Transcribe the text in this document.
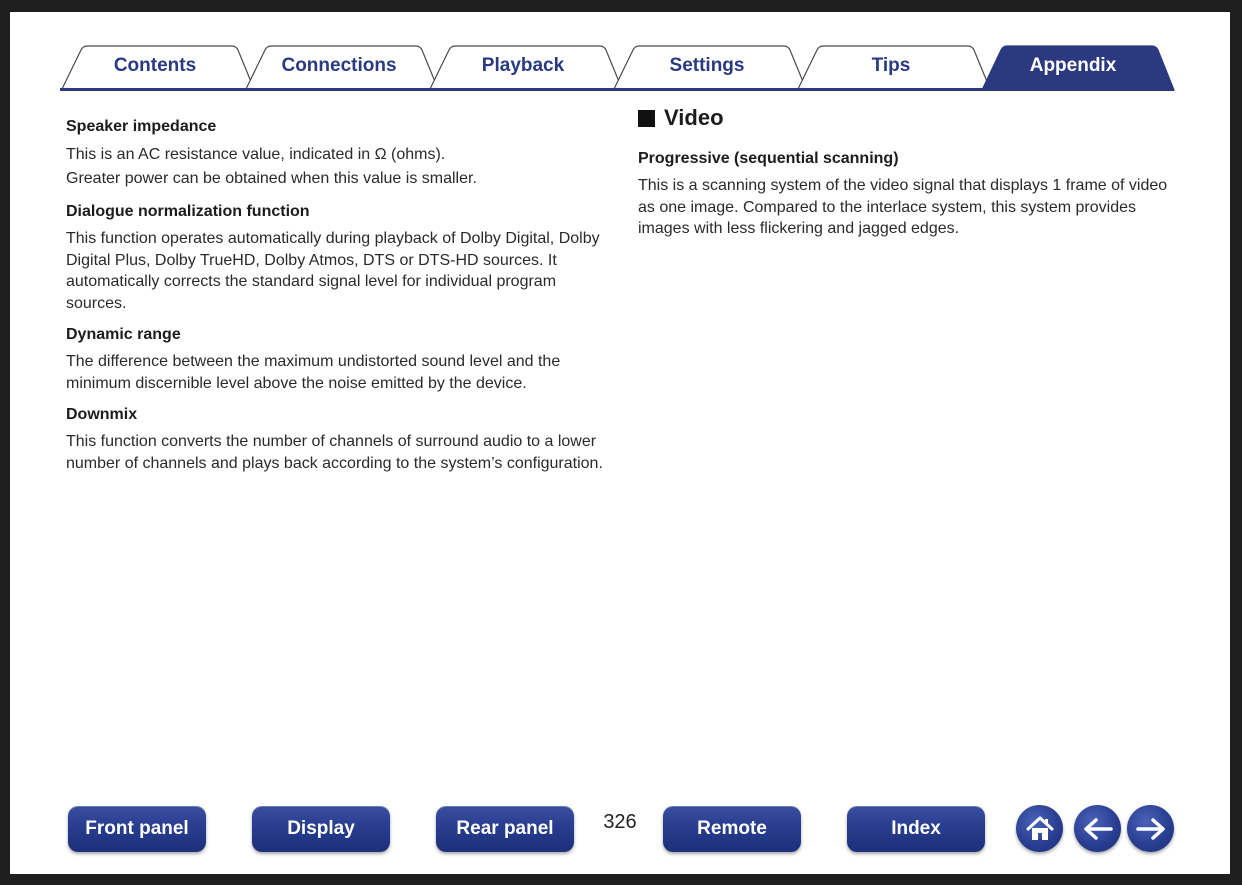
Contents	Connections	Playback	Settings	Tips	Appendix

Speaker impedance

This is an AC resistance value, indicated in Ω (ohms).

Greater power can be obtained when this value is smaller.

Dialogue normalization function

This function operates automatically during playback of Dolby Digital, Dolby Digital Plus, Dolby TrueHD, Dolby Atmos, DTS or DTS-HD sources. It automatically corrects the standard signal level for individual program sources.

Dynamic range

The difference between the maximum undistorted sound level and the minimum discernible level above the noise emitted by the device.

Downmix

This function converts the number of channels of surround audio to a lower number of channels and plays back according to the system’s configuration.

Video

Progressive (sequential scanning)

This is a scanning system of the video signal that displays 1 frame of video as one image. Compared to the interlace system, this system provides images with less flickering and jagged edges.

Front panel	Display	Rear panel	326	Remote	Index
